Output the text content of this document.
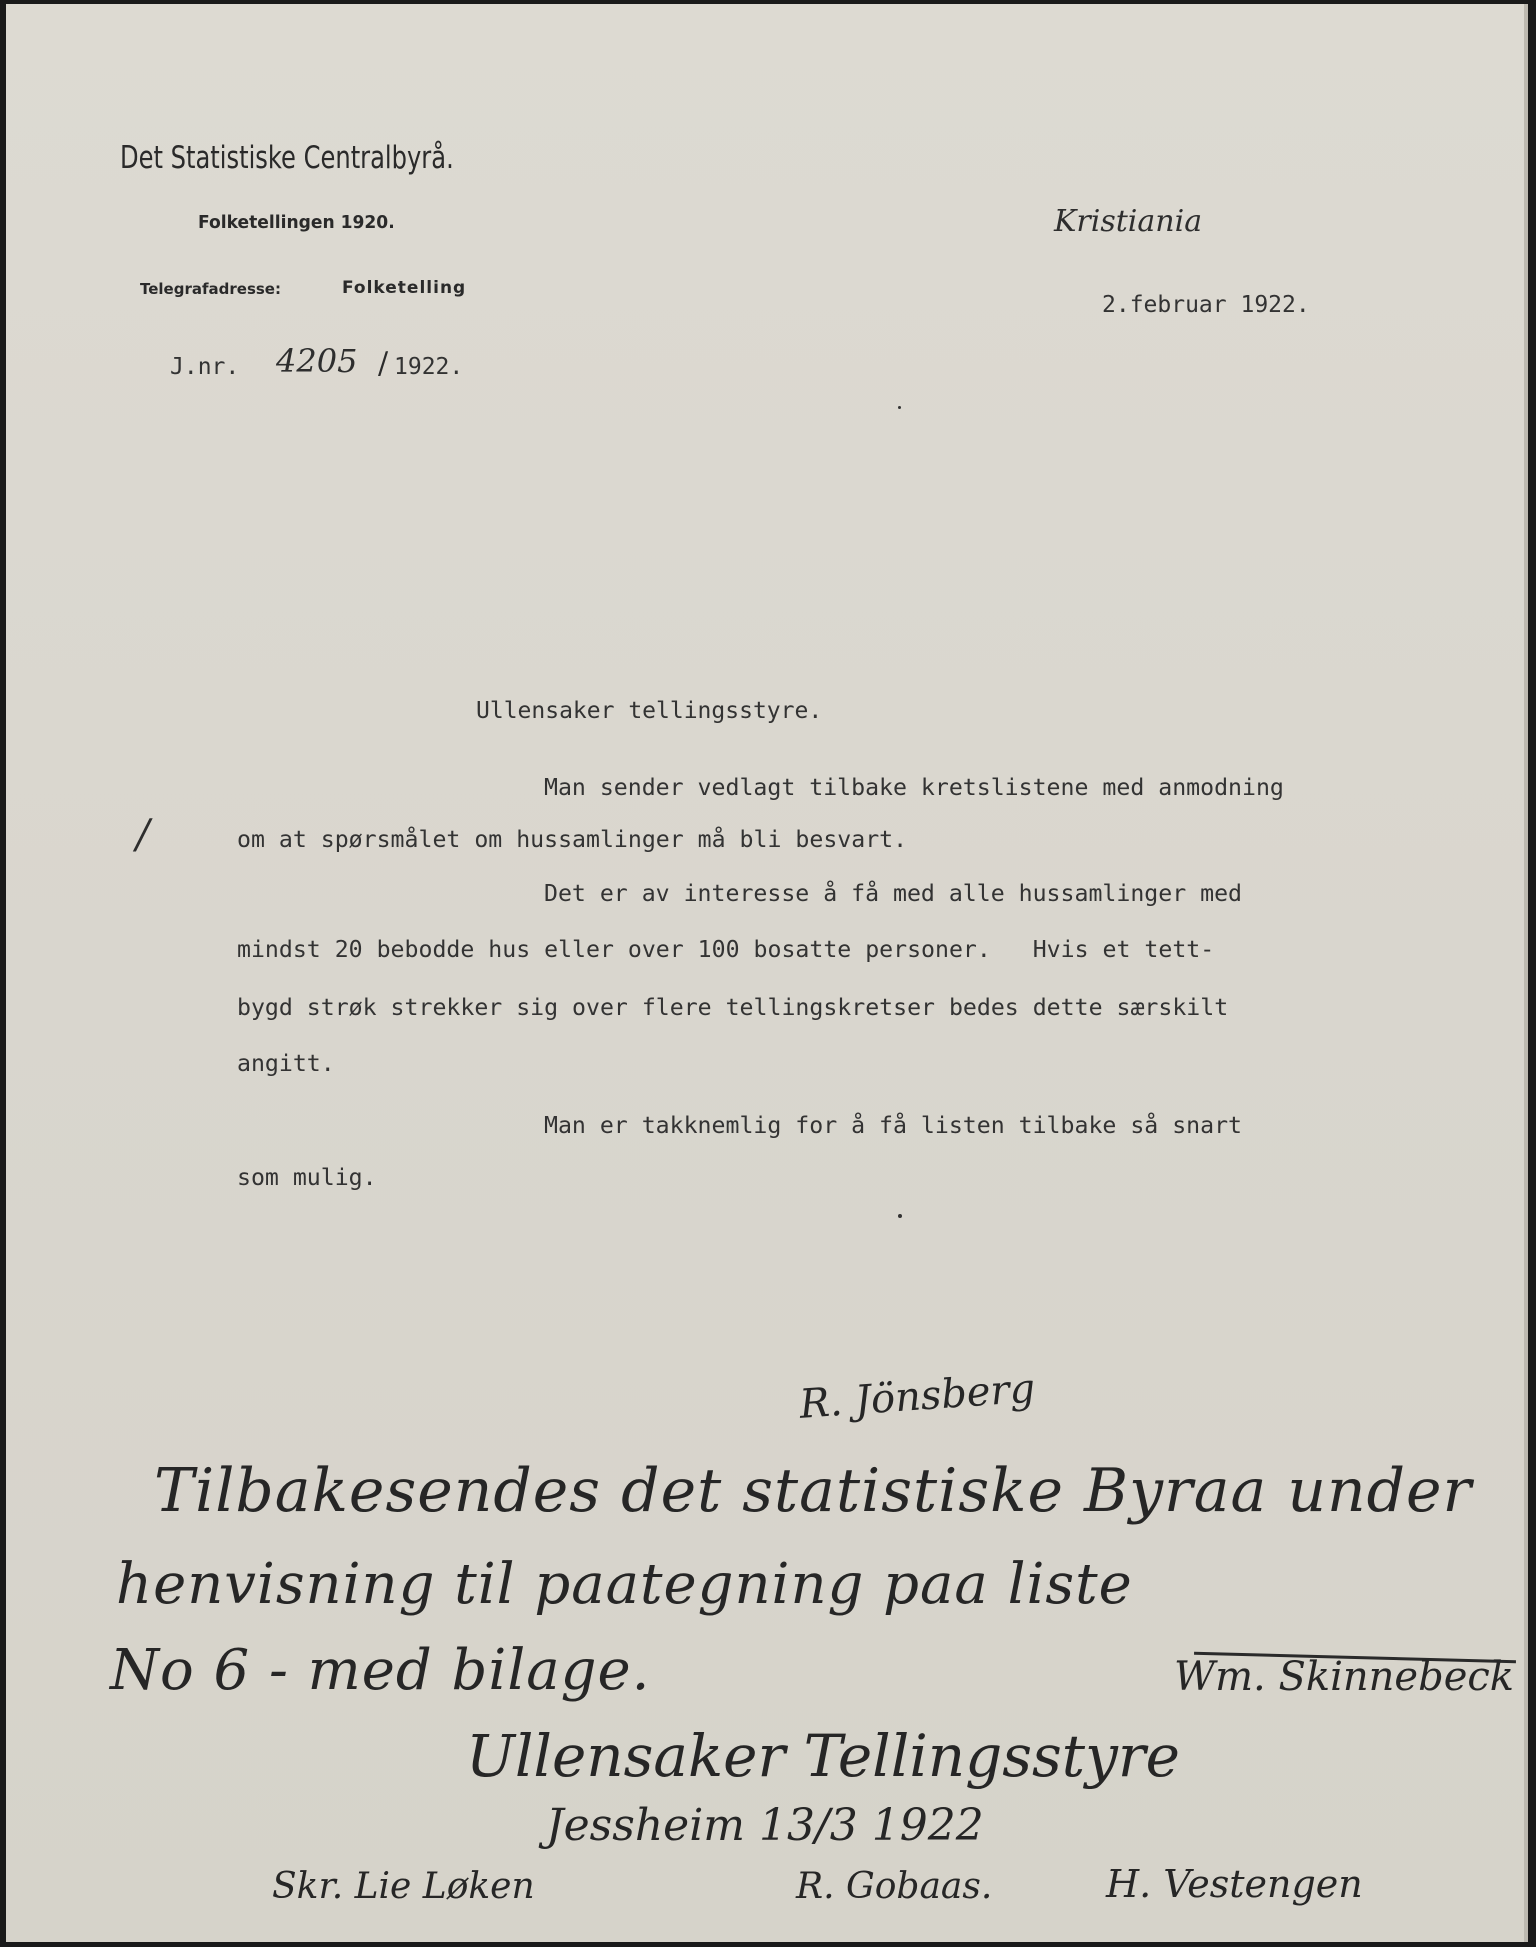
Det Statistiske Centralbyrå.
Folketellingen 1920.
Telegrafadresse:	Folketelling
Kristiania
2.februar 1922.
J.nr. 4205 / 1922.
Ullensaker tellingsstyre.
/
Man sender vedlagt tilbake kretslistene med anmodning
om at spørsmålet om hussamlinger må bli besvart.
Det er av interesse å få med alle hussamlinger med
mindst 20 bebodde hus eller over 100 bosatte personer.   Hvis et tett-
bygd strøk strekker sig over flere tellingskretser bedes dette særskilt
angitt.
Man er takknemlig for å få listen tilbake så snart
som mulig.
R. Jönsberg
Tilbakesendes det statistiske Byraa under
henvisning til paategning paa liste
No 6 - med bilage.	Wm. Skinnebeck
Ullensaker Tellingsstyre
Jessheim 13/3 1922
Skr. Lie Løken	R. Gobaas.	H. Vestengen
